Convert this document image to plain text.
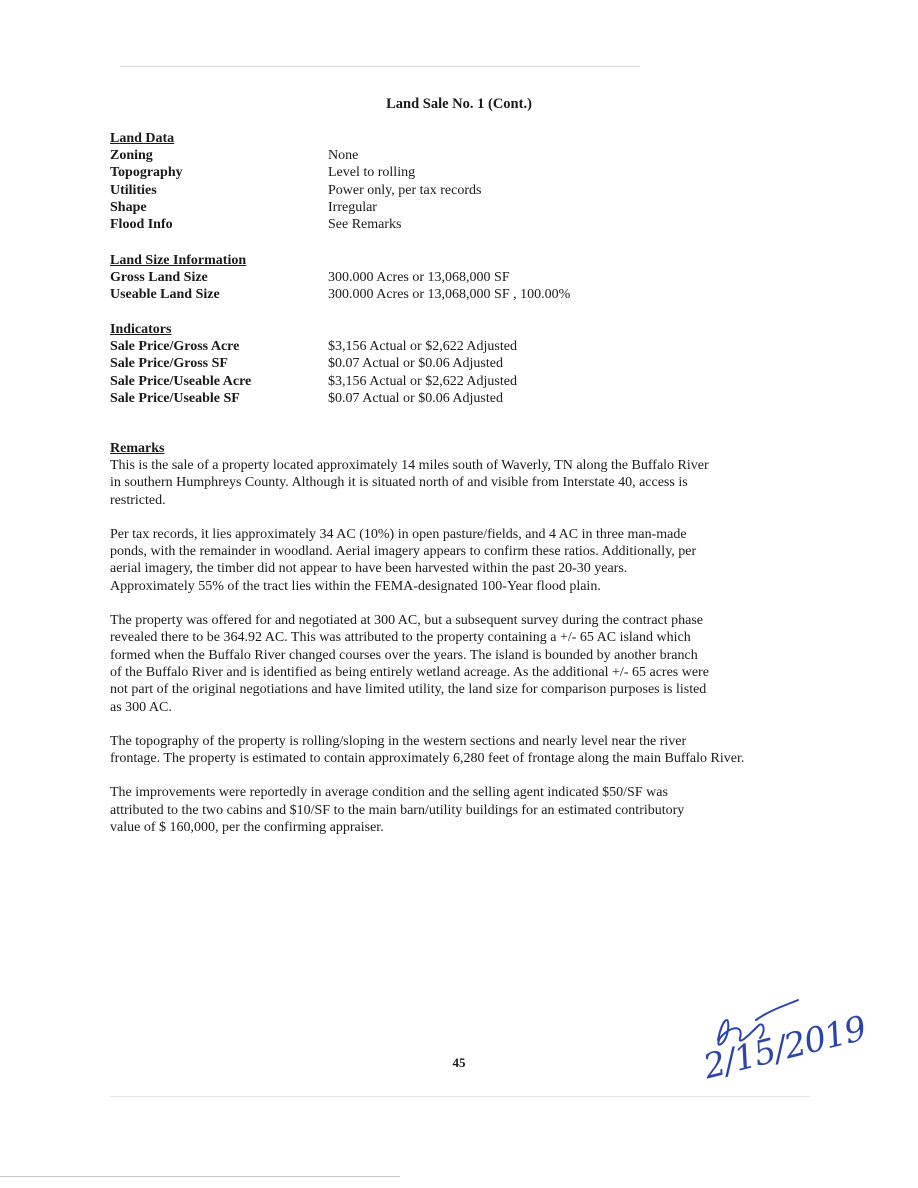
Land Sale No. 1 (Cont.)
Land Data
Zoning	None
Topography	Level to rolling
Utilities	Power only, per tax records
Shape	Irregular
Flood Info	See Remarks
Land Size Information
Gross Land Size	300.000 Acres or 13,068,000 SF
Useable Land Size	300.000 Acres or 13,068,000 SF , 100.00%
Indicators
Sale Price/Gross Acre	$3,156 Actual or $2,622 Adjusted
Sale Price/Gross SF	$0.07 Actual or $0.06 Adjusted
Sale Price/Useable Acre	$3,156 Actual or $2,622 Adjusted
Sale Price/Useable SF	$0.07 Actual or $0.06 Adjusted
Remarks

This is the sale of a property located approximately 14 miles south of Waverly, TN along the Buffalo River
in southern Humphreys County. Although it is situated north of and visible from Interstate 40, access is
restricted.

Per tax records, it lies approximately 34 AC (10%) in open pasture/fields, and 4 AC in three man-made
ponds, with the remainder in woodland. Aerial imagery appears to confirm these ratios. Additionally, per
aerial imagery, the timber did not appear to have been harvested within the past 20-30 years.
Approximately 55% of the tract lies within the FEMA-designated 100-Year flood plain.

The property was offered for and negotiated at 300 AC, but a subsequent survey during the contract phase
revealed there to be 364.92 AC. This was attributed to the property containing a +/- 65 AC island which
formed when the Buffalo River changed courses over the years. The island is bounded by another branch
of the Buffalo River and is identified as being entirely wetland acreage. As the additional +/- 65 acres were
not part of the original negotiations and have limited utility, the land size for comparison purposes is listed
as 300 AC.

The topography of the property is rolling/sloping in the western sections and nearly level near the river
frontage. The property is estimated to contain approximately 6,280 feet of frontage along the main Buffalo River.

The improvements were reportedly in average condition and the selling agent indicated $50/SF was
attributed to the two cabins and $10/SF to the main barn/utility buildings for an estimated contributory
value of $ 160,000, per the confirming appraiser.

45	2/15/2019
